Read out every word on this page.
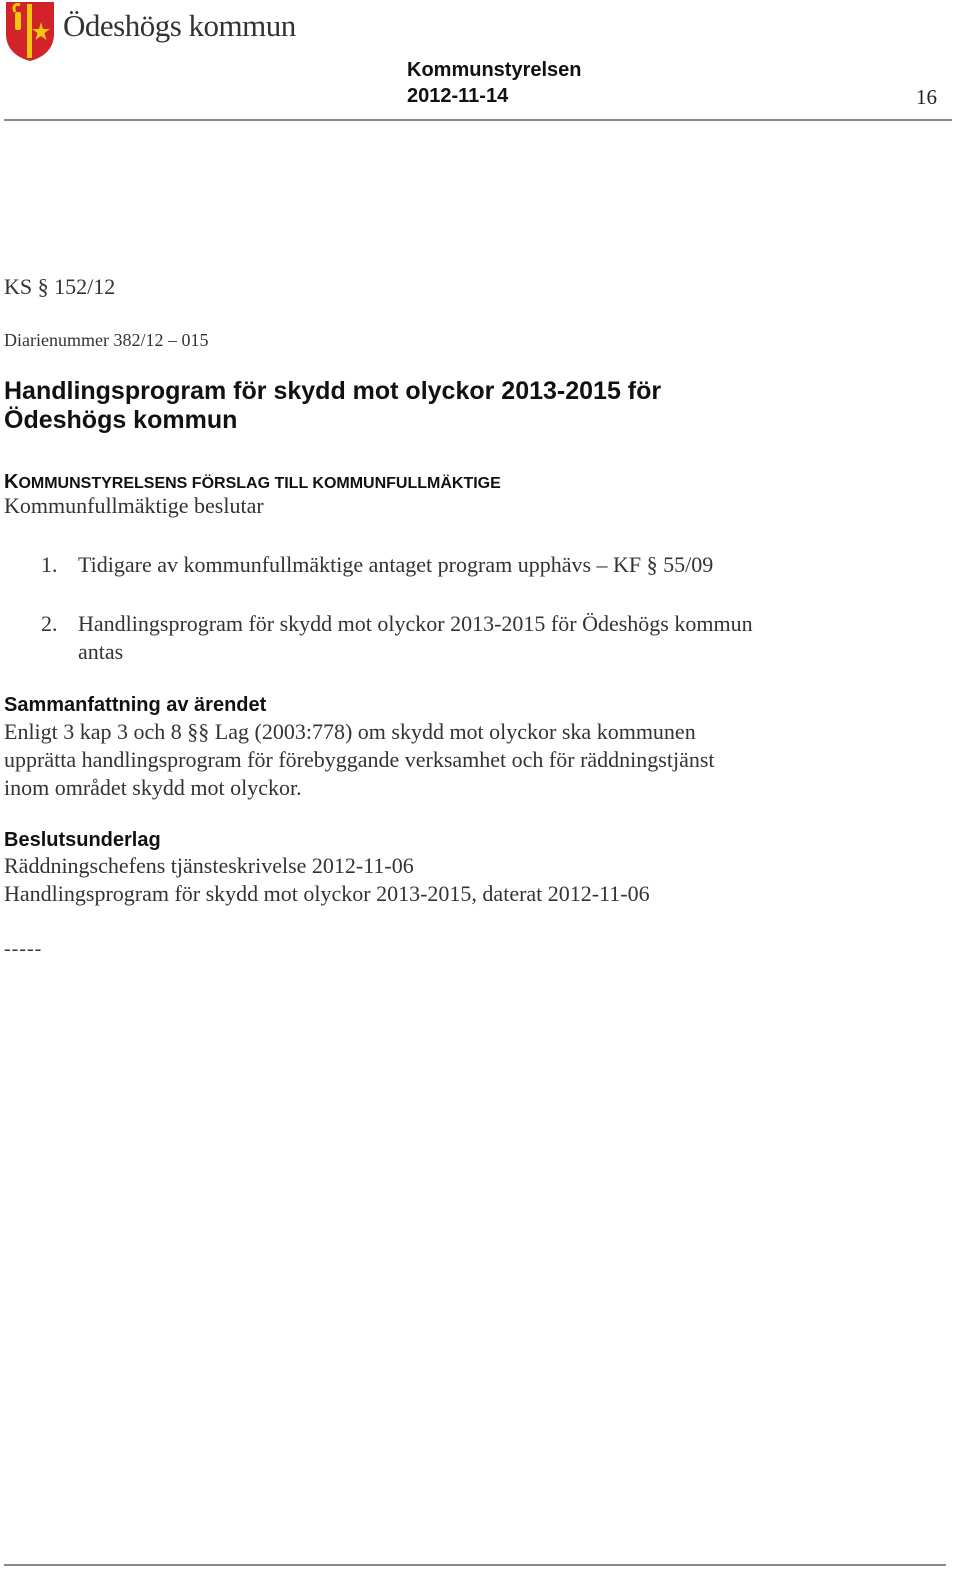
Ödeshögs kommun
Kommunstyrelsen
2012-11-14	16
KS § 152/12
Diarienummer 382/12 – 015
Handlingsprogram för skydd mot olyckor 2013-2015 för Ödeshögs kommun
KOMMUNSTYRELSENS FÖRSLAG TILL KOMMUNFULLMÄKTIGE
Kommunfullmäktige beslutar
1. Tidigare av kommunfullmäktige antaget program upphävs – KF § 55/09
2. Handlingsprogram för skydd mot olyckor 2013-2015 för Ödeshögs kommun antas
Sammanfattning av ärendet
Enligt 3 kap 3 och 8 §§ Lag (2003:778) om skydd mot olyckor ska kommunen upprätta handlingsprogram för förebyggande verksamhet och för räddningstjänst inom området skydd mot olyckor.
Beslutsunderlag
Räddningschefens tjänsteskrivelse 2012-11-06
Handlingsprogram för skydd mot olyckor 2013-2015, daterat 2012-11-06
-----
